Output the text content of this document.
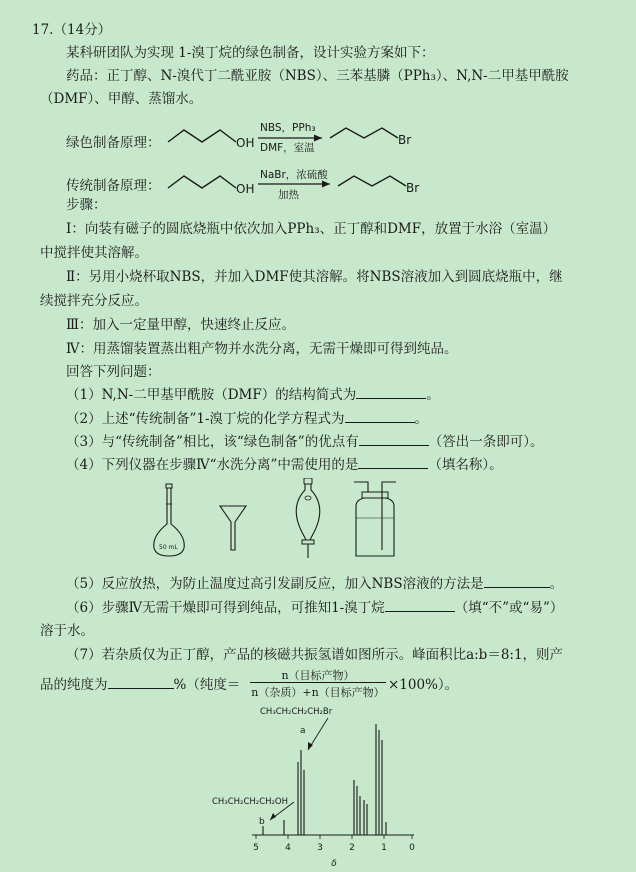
17.（14分）
某科研团队为实现 1-溴丁烷的绿色制备，设计实验方案如下：
药品：正丁醇、N-溴代丁二酰亚胺（NBS）、三苯基膦（PPh₃）、N,N-二甲基甲酰胺
（DMF）、甲醇、蒸馏水。
绿色制备原理：	OH
NBS，PPh₃
DMF，室温
Br
传统制备原理：	OH
NaBr，浓硫酸
加热	Br
步骤：
Ⅰ：向装有磁子的圆底烧瓶中依次加入PPh₃、正丁醇和DMF，放置于水浴（室温）
中搅拌使其溶解。
Ⅱ：另用小烧杯取NBS，并加入DMF使其溶解。将NBS溶液加入到圆底烧瓶中，继
续搅拌充分反应。
Ⅲ：加入一定量甲醇，快速终止反应。
Ⅳ：用蒸馏装置蒸出粗产物并水洗分离，无需干燥即可得到纯品。
回答下列问题：
（1）N,N-二甲基甲酰胺（DMF）的结构简式为	。
（2）上述“传统制备”1-溴丁烷的化学方程式为	。
（3）与“传统制备”相比，该“绿色制备”的优点有	（答出一条即可）。
（4）下列仪器在步骤Ⅳ“水洗分离”中需使用的是	（填名称）。
50 mL
（5）反应放热，为防止温度过高引发副反应，加入NBS溶液的方法是	。
（6）步骤Ⅳ无需干燥即可得到纯品，可推知1-溴丁烷	（填“不”或“易”）
溶于水。
（7）若杂质仅为正丁醇，产品的核磁共振氢谱如图所示。峰面积比a:b＝8:1，则产
品的纯度为	%（纯度＝
n（目标产物）
n（杂质）+n（目标产物） ×100%）。
CH₃CH₂CH₂CH₂Br
CH₃CH₂CH₂CH₂OH
a
b
5	4	3	2	1 0
δ
